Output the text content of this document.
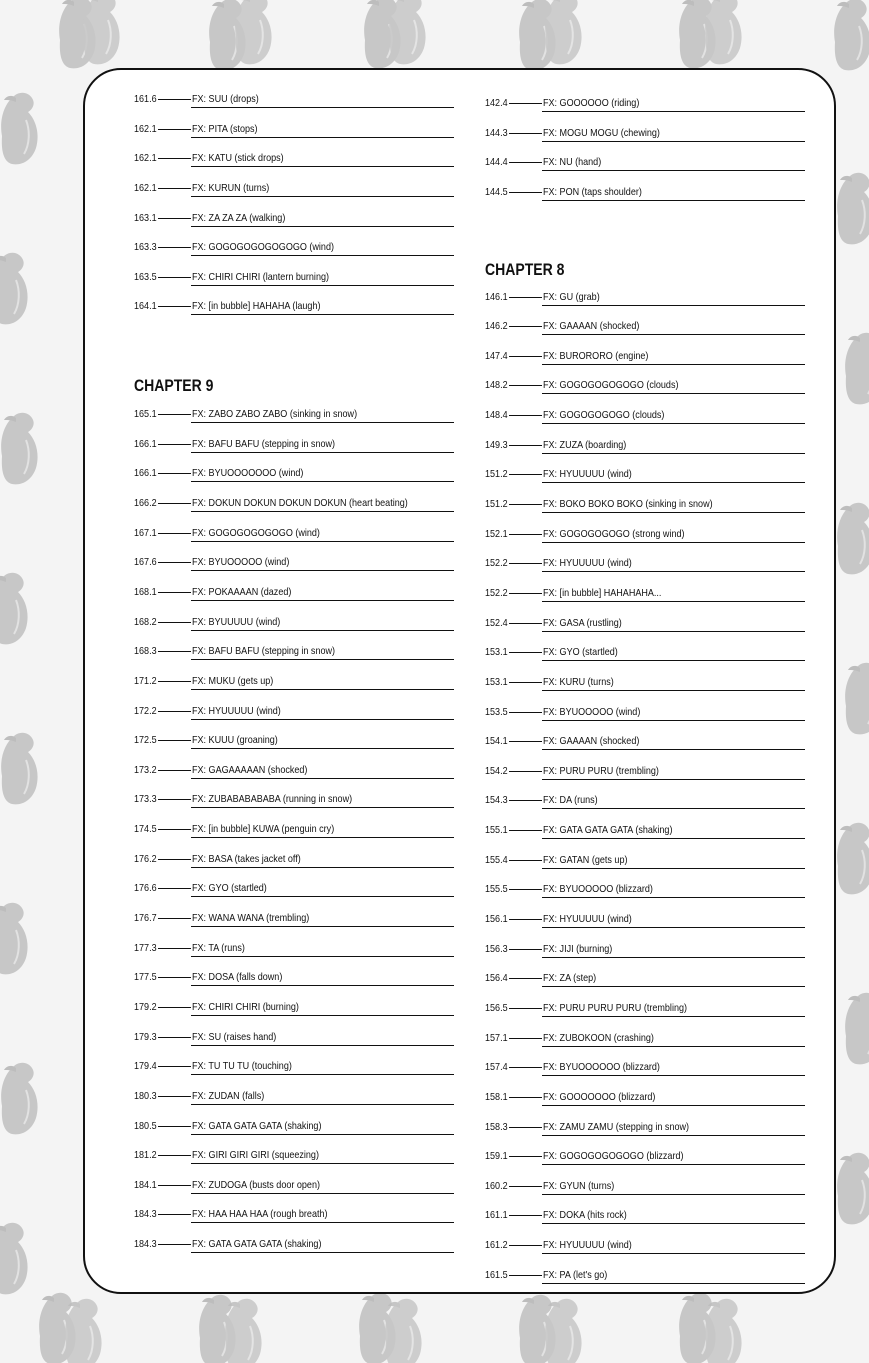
161.6	FX: SUU (drops)
162.1	FX: PITA (stops)
162.1	FX: KATU (stick drops)
162.1	FX: KURUN (turns)
163.1	FX: ZA ZA ZA (walking)
163.3	FX: GOGOGOGOGOGOGO (wind)
163.5	FX: CHIRI CHIRI (lantern burning)
164.1	FX: [in bubble] HAHAHA (laugh)
CHAPTER 9
165.1	FX: ZABO ZABO ZABO (sinking in snow)
166.1	FX: BAFU BAFU (stepping in snow)
166.1	FX: BYUOOOOOOO (wind)
166.2	FX: DOKUN DOKUN DOKUN DOKUN (heart beating)
167.1	FX: GOGOGOGOGOGO (wind)
167.6	FX: BYUOOOOO (wind)
168.1	FX: POKAAAAN (dazed)
168.2	FX: BYUUUUU (wind)
168.3	FX: BAFU BAFU (stepping in snow)
171.2	FX: MUKU (gets up)
172.2	FX: HYUUUUU (wind)
172.5	FX: KUUU (groaning)
173.2	FX: GAGAAAAAN (shocked)
173.3	FX: ZUBABABABABA (running in snow)
174.5	FX: [in bubble] KUWA (penguin cry)
176.2	FX: BASA (takes jacket off)
176.6	FX: GYO (startled)
176.7	FX: WANA WANA (trembling)
177.3	FX: TA (runs)
177.5	FX: DOSA (falls down)
179.2	FX: CHIRI CHIRI (burning)
179.3	FX: SU (raises hand)
179.4	FX: TU TU TU (touching)
180.3	FX: ZUDAN (falls)
180.5	FX: GATA GATA GATA (shaking)
181.2	FX: GIRI GIRI GIRI (squeezing)
184.1	FX: ZUDOGA (busts door open)
184.3	FX: HAA HAA HAA (rough breath)
184.3	FX: GATA GATA GATA (shaking)
142.4	FX: GOOOOOO (riding)
144.3	FX: MOGU MOGU (chewing)
144.4	FX: NU (hand)
144.5	FX: PON (taps shoulder)
CHAPTER 8
146.1	FX: GU (grab)
146.2	FX: GAAAAN (shocked)
147.4	FX: BURORORO (engine)
148.2	FX: GOGOGOGOGOGO (clouds)
148.4	FX: GOGOGOGOGO (clouds)
149.3	FX: ZUZA (boarding)
151.2	FX: HYUUUUU (wind)
151.2	FX: BOKO BOKO BOKO (sinking in snow)
152.1	FX: GOGOGOGOGO (strong wind)
152.2	FX: HYUUUUU (wind)
152.2	FX: [in bubble] HAHAHAHA...
152.4	FX: GASA (rustling)
153.1	FX: GYO (startled)
153.1	FX: KURU (turns)
153.5	FX: BYUOOOOO (wind)
154.1	FX: GAAAAN (shocked)
154.2	FX: PURU PURU (trembling)
154.3	FX: DA (runs)
155.1	FX: GATA GATA GATA (shaking)
155.4	FX: GATAN (gets up)
155.5	FX: BYUOOOOO (blizzard)
156.1	FX: HYUUUUU (wind)
156.3	FX: JIJI (burning)
156.4	FX: ZA (step)
156.5	FX: PURU PURU PURU (trembling)
157.1	FX: ZUBOKOON (crashing)
157.4	FX: BYUOOOOOO (blizzard)
158.1	FX: GOOOOOOO (blizzard)
158.3	FX: ZAMU ZAMU (stepping in snow)
159.1	FX: GOGOGOGOGOGO (blizzard)
160.2	FX: GYUN (turns)
161.1	FX: DOKA (hits rock)
161.2	FX: HYUUUUU (wind)
161.5	FX: PA (let's go)
